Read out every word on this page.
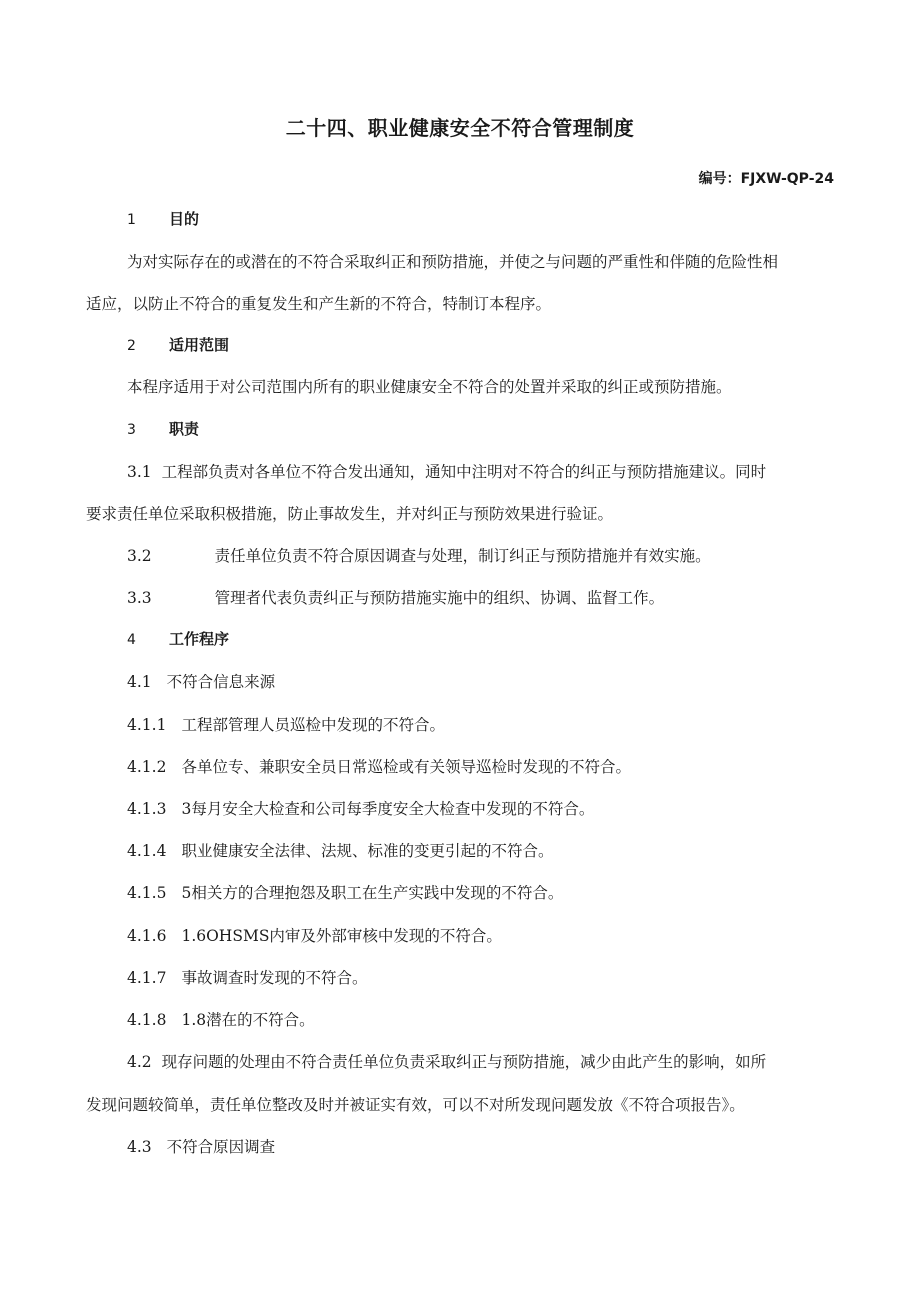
二十四、职业健康安全不符合管理制度
编号：FJXW-QP-24
1 目的
为对实际存在的或潜在的不符合采取纠正和预防措施，并使之与问题的严重性和伴随的危险性相
适应，以防止不符合的重复发生和产生新的不符合，特制订本程序。
2 适用范围
本程序适用于对公司范围内所有的职业健康安全不符合的处置并采取的纠正或预防措施。
3 职责
3.1 工程部负责对各单位不符合发出通知，通知中注明对不符合的纠正与预防措施建议。同时
要求责任单位采取积极措施，防止事故发生，并对纠正与预防效果进行验证。
3.2	责任单位负责不符合原因调查与处理，制订纠正与预防措施并有效实施。
3.3	管理者代表负责纠正与预防措施实施中的组织、协调、监督工作。
4 工作程序
4.1 不符合信息来源
4.1.1 工程部管理人员巡检中发现的不符合。
4.1.2 各单位专、兼职安全员日常巡检或有关领导巡检时发现的不符合。
4.1.3 3每月安全大检查和公司每季度安全大检查中发现的不符合。
4.1.4 职业健康安全法律、法规、标准的变更引起的不符合。
4.1.5 5相关方的合理抱怨及职工在生产实践中发现的不符合。
4.1.6 1.6OHSMS内审及外部审核中发现的不符合。
4.1.7 事故调查时发现的不符合。
4.1.8 1.8潜在的不符合。
4.2 现存问题的处理由不符合责任单位负责采取纠正与预防措施，减少由此产生的影响，如所
发现问题较简单，责任单位整改及时并被证实有效，可以不对所发现问题发放《不符合项报告》。
4.3 不符合原因调查
